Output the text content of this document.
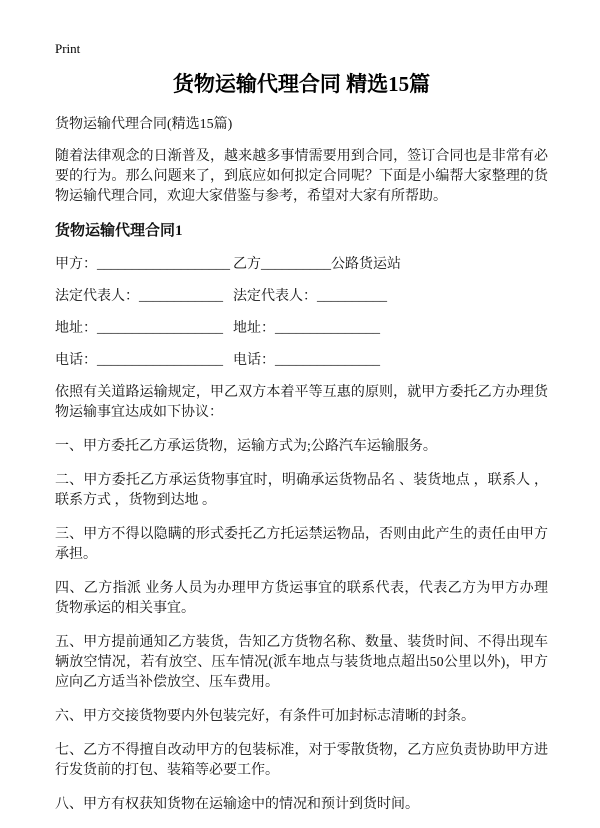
Print
货物运输代理合同 精选15篇
货物运输代理合同(精选15篇)

随着法律观念的日渐普及，越来越多事情需要用到合同，签订合同也是非常有必要的行为。那么问题来了，到底应如何拟定合同呢？下面是小编帮大家整理的货物运输代理合同，欢迎大家借鉴与参考，希望对大家有所帮助。

货物运输代理合同1
甲方：___________________ 乙方__________公路货运站
法定代表人：____________ 法定代表人：__________
地址：__________________ 地址：_______________
电话：__________________ 电话：_______________

依照有关道路运输规定，甲乙双方本着平等互惠的原则，就甲方委托乙方办理货物运输事宜达成如下协议：

一、甲方委托乙方承运货物，运输方式为;公路汽车运输服务。

二、甲方委托乙方承运货物事宜时，明确承运货物品名 、装货地点 ，联系人 ，联系方式 ，货物到达地 。

三、甲方不得以隐瞒的形式委托乙方托运禁运物品，否则由此产生的责任由甲方承担。

四、乙方指派 业务人员为办理甲方货运事宜的联系代表，代表乙方为甲方办理货物承运的相关事宜。

五、甲方提前通知乙方装货，告知乙方货物名称、数量、装货时间、不得出现车辆放空情况，若有放空、压车情况(派车地点与装货地点超出50公里以外)，甲方应向乙方适当补偿放空、压车费用。

六、甲方交接货物要内外包装完好，有条件可加封标志清晰的封条。

七、乙方不得擅自改动甲方的包装标准，对于零散货物，乙方应负责协助甲方进行发货前的打包、装箱等必要工作。

八、甲方有权获知货物在运输途中的情况和预计到货时间。
